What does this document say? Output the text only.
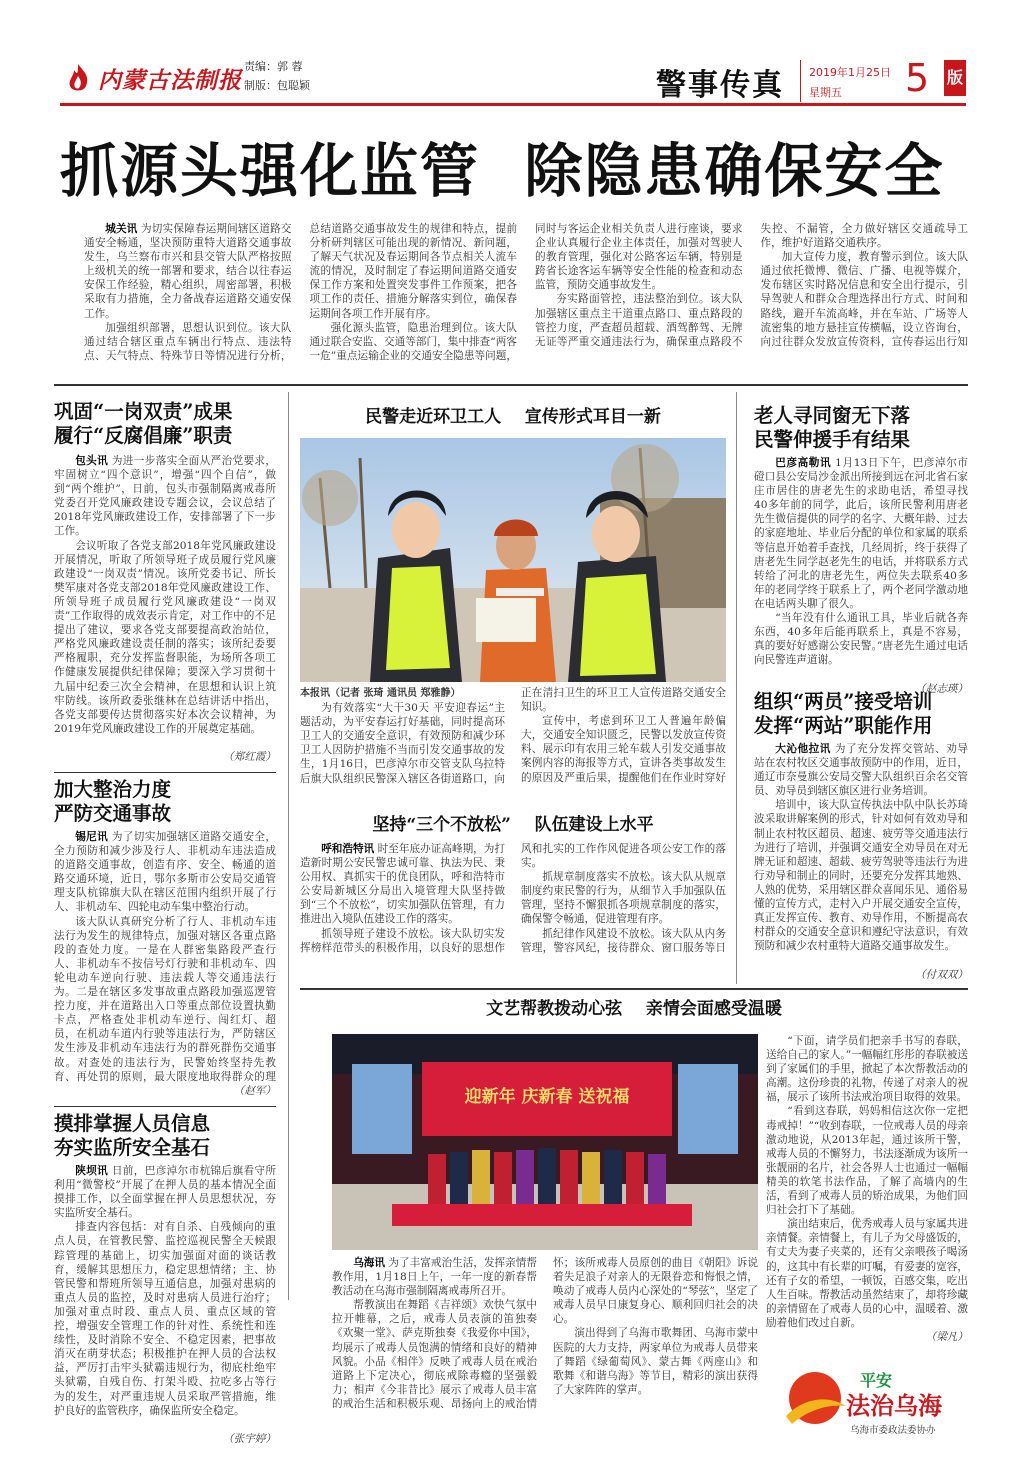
内蒙古法制报
责编：郭 蓉
制版：包聪颖	警事传真 2019年1月25日
星期五 5 版
抓源头强化监管  除隐患确保安全

城关讯 为切实保障春运期间辖区道路交通安全畅通，坚决预防重特大道路交通事故发生，乌兰察布市兴和县交管大队严格按照上级机关的统一部署和要求，结合以往春运安保工作经验，精心组织，周密部署，积极采取有力措施，全力备战春运道路交通安保工作。

加强组织部署，思想认识到位。该大队通过结合辖区重点车辆出行特点、违法特点、天气特点、特殊节日等情况进行分析，总结道路交通事故发生的规律和特点，提前分析研判辖区可能出现的新情况、新问题，了解天气状况及春运期间各节点相关人流车流的情况，及时制定了春运期间道路交通安保工作方案和处置突发事件工作预案，把各项工作的责任、措施分解落实到位，确保春运期间各项工作开展有序。

强化源头监管，隐患治理到位。该大队通过联合安监、交通等部门，集中排查“两客一危”重点运输企业的交通安全隐患等问题，同时与客运企业相关负责人进行座谈，要求企业认真履行企业主体责任，加强对驾驶人的教育管理，强化对公路客运车辆，特别是跨省长途客运车辆等安全性能的检查和动态监管，预防交通事故发生。

夯实路面管控，违法整治到位。该大队加强辖区重点主干道重点路口、重点路段的管控力度，严查超员超载、酒驾醉驾、无牌无证等严重交通违法行为，确保重点路段不失控、不漏管，全力做好辖区交通疏导工作，维护好道路交通秩序。

加大宣传力度，教育警示到位。该大队通过依托微博、微信、广播、电视等媒介，发布辖区实时路况信息和安全出行提示，引导驾驶人和群众合理选择出行方式、时间和路线，避开车流高峰，并在车站、广场等人流密集的地方悬挂宣传横幅，设立咨询台，向过往群众发放宣传资料，宣传春运出行知

巩固“一岗双责”成果
履行“反腐倡廉”职责

包头讯 为进一步落实全面从严治党要求，牢固树立“四个意识”，增强“四个自信”，做到“两个维护”，日前，包头市强制隔离戒毒所党委召开党风廉政建设专题会议，会议总结了2018年党风廉政建设工作，安排部署了下一步工作。

会议听取了各党支部2018年党风廉政建设开展情况，听取了所领导班子成员履行党风廉政建设“一岗双责”情况。该所党委书记、所长樊军康对各党支部2018年党风廉政建设工作、所领导班子成员履行党风廉政建设“一岗双责”工作取得的成效表示肯定，对工作中的不足提出了建议，要求各党支部要提高政治站位，严格党风廉政建设责任制的落实；该所纪委要严格履职，充分发挥监督职能，为场所各项工作健康发展提供纪律保障；要深入学习贯彻十九届中纪委三次全会精神，在思想和认识上筑牢防线。该所政委张继林在总结讲话中指出，各党支部要传达贯彻落实好本次会议精神，为2019年党风廉政建设工作的开展奠定基础。

（郑红霞）
加大整治力度
严防交通事故

锡尼讯 为了切实加强辖区道路交通安全，全力预防和减少涉及行人、非机动车违法造成的道路交通事故，创造有序、安全、畅通的道路交通环境，近日，鄂尔多斯市公安局交通管理支队杭锦旗大队在辖区范围内组织开展了行人、非机动车、四轮电动车集中整治行动。

该大队认真研究分析了行人、非机动车违法行为发生的规律特点，加强对辖区各重点路段的查处力度。一是在人群密集路段严查行人、非机动车不按信号灯行驶和非机动车、四轮电动车逆向行驶、违法载人等交通违法行为。二是在辖区多发事故重点路段加强巡逻管控力度，并在道路出入口等重点部位设置执勤卡点，严格查处非机动车逆行、闯红灯、超员，在机动车道内行驶等违法行为，严防辖区发生涉及非机动车违法行为的群死群伤交通事故。对查处的违法行为，民警始终坚持先教育、再处罚的原则，最大限度地取得群众的理

（赵军）
摸排掌握人员信息
夯实监所安全基石

陕坝讯 日前，巴彦淖尔市杭锦后旗看守所利用“微警校”开展了在押人员的基本情况全面摸排工作，以全面掌握在押人员思想状况，夯实监所安全基石。

排查内容包括：对有自杀、自残倾向的重点人员，在管教民警、监控巡视民警全天候跟踪管理的基础上，切实加强面对面的谈话教育，缓解其思想压力，稳定思想情绪；主、协管民警和帮班所领导互通信息，加强对患病的重点人员的监控，及时对患病人员进行治疗；加强对重点时段、重点人员、重点区域的管控，增强安全管理工作的针对性、系统性和连续性，及时消除不安全、不稳定因素，把事故消灭在萌芽状态；积极推护在押人员的合法权益，严厉打击牢头狱霸违规行为，彻底杜绝牢头狱霸，自残自伤、打架斗殴、拉吃多占等行为的发生，对严重违规人员采取严管措施，维护良好的监管秩序，确保监所安全稳定。

（张宇婷）
民警走近环卫工人    宣传形式耳目一新

本报讯（记者 张琦 通讯员 郑雅静）

为有效落实“大干30天 平安迎春运”主题活动，为平安春运打好基础，同时提高环卫工人的交通安全意识，有效预防和减少环卫工人因防护措施不当而引发交通事故的发生，1月16日，巴彦淖尔市交管支队乌拉特后旗大队组织民警深入辖区各街道路口，向正在清扫卫生的环卫工人宣传道路交通安全知识。

宣传中，考虑到环卫工人普遍年龄偏大，交通安全知识匮乏，民警以发放宣传资料、展示印有农用三轮车载人引发交通事故案例内容的海报等方式，宣讲各类事故发生的原因及严重后果，提醒他们在作业时穿好

坚持“三个不放松”    队伍建设上水平

呼和浩特讯 时至年底办证高峰期，为打造新时期公安民警忠诚可靠、执法为民、秉公用权、真抓实干的优良团队，呼和浩特市公安局新城区分局出入境管理大队坚持做到“三个不放松”，切实加强队伍管理，有力推进出入境队伍建设工作的落实。

抓领导班子建设不放松。该大队切实发挥榜样范带头的积极作用，以良好的思想作风和扎实的工作作风促进各项公安工作的落实。

抓规章制度落实不放松。该大队从规章制度约束民警的行为，从细节入手加强队伍管理，坚持不懈狠抓各项规章制度的落实，确保警令畅通，促进管理有序。

抓纪律作风建设不放松。该大队从内务管理，警容风纪，接待群众、窗口服务等日

老人寻同窗无下落
民警伸援手有结果

巴彦高勒讯 1月13日下午，巴彦淖尔市磴口县公安局沙金派出所接到远在河北省石家庄市居住的唐老先生的求助电话，希望寻找40多年前的同学，此后，该所民警利用唐老先生微信提供的同学的名字、大概年龄、过去的家庭地址、毕业后分配的单位和家属的联系等信息开始着手查找，几经周折，终于获得了唐老先生同学赵老先生的电话，并将联系方式转给了河北的唐老先生，两位失去联系40多年的老同学终于联系上了，两个老同学激动地在电话两头聊了很久。

“当年没有什么通讯工具，毕业后就各奔东西，40多年后能再联系上，真是不容易，真的要好好感谢公安民警。”唐老先生通过电话向民警连声道谢。

（赵志瑛）
组织“两员”接受培训
发挥“两站”职能作用

大沁他拉讯 为了充分发挥交管站、劝导站在农村牧区交通事故预防中的作用，近日，通辽市奈曼旗公安局交警大队组织百余名交管员、劝导员到辖区旗区进行业务培训。

培训中，该大队宣传执法中队中队长苏琦波采取讲解案例的形式，针对如何有效劝导和制止农村牧区超员、超速、疲劳等交通违法行为进行了培训，并强调交通安全劝导员在对无牌无证和超速、超载、疲劳驾驶等违法行为进行劝导和制止的同时，还要充分发挥其地熟、人熟的优势，采用辖区群众喜闻乐见、通俗易懂的宣传方式，走村入户开展交通安全宣传，真正发挥宣传、教育、劝导作用，不断提高农村群众的交通安全意识和遵纪守法意识，有效预防和减少农村重特大道路交通事故发生。

（付双双）
文艺帮教拨动心弦    亲情会面感受温暖
迎新年 庆新春 送祝福

乌海讯 为了丰富戒治生活，发挥亲情帮教作用，1月18日上午，一年一度的新春帮教活动在乌海市强制隔离戒毒所召开。

帮教演出在舞蹈《吉祥颂》欢快气氛中拉开帷幕，之后，戒毒人员表演的笛独奏《欢聚一堂》、萨克斯独奏《我爱你中国》，均展示了戒毒人员饱满的情绪和良好的精神风貌。小品《相伴》反映了戒毒人员在戒治道路上下定决心，彻底戒除毒瘾的坚强毅力；相声《今非昔比》展示了戒毒人员丰富的戒治生活和积极乐观、昂扬向上的戒治情怀；该所戒毒人员原创的曲目《朝阳》诉说着失足浪子对亲人的无限眷恋和悔恨之情，唤动了戒毒人员内心深处的“琴弦”，坚定了戒毒人员早日康复身心、顺利回归社会的决心。

演出得到了乌海市歌舞团、乌海市蒙中医院的大力支持，两家单位为戒毒人员带来了舞蹈《绿葡萄风》、蒙古舞《两座山》和歌舞《和谐乌海》等节目，精彩的演出获得了大家阵阵的掌声。

“下面，请学员们把亲手书写的春联，送给自己的家人。”一幅幅红彤彤的春联被送到了家属们的手里，掀起了本次帮教活动的高潮。这份珍贵的礼物，传递了对亲人的祝福，展示了该所书法戒治项目取得的效果。

“看到这春联，妈妈相信这次你一定把毒戒掉！”“收到春联，一位戒毒人员的母亲激动地说，从2013年起，通过该所干警，戒毒人员的不懈努力，书法逐渐成为该所一张靓丽的名片，社会各界人士也通过一幅幅精美的软笔书法作品，了解了高墙内的生活，看到了戒毒人员的矫治成果，为他们回归社会打下了基础。

演出结束后，优秀戒毒人员与家属共进亲情餐。亲情餐上，有儿子为父母盛饭的，有丈夫为妻子夹菜的，还有父亲喂孩子喝汤的，这其中有长辈的叮嘱，有爱妻的宽容，还有子女的希望，一顿饭，百感交集，吃出人生百味。帮教活动虽然结束了，却将珍藏的亲情留在了戒毒人员的心中，温暖着、激励着他们改过自新。
（梁凡）

平安
法治乌海
乌海市委政法委协办
